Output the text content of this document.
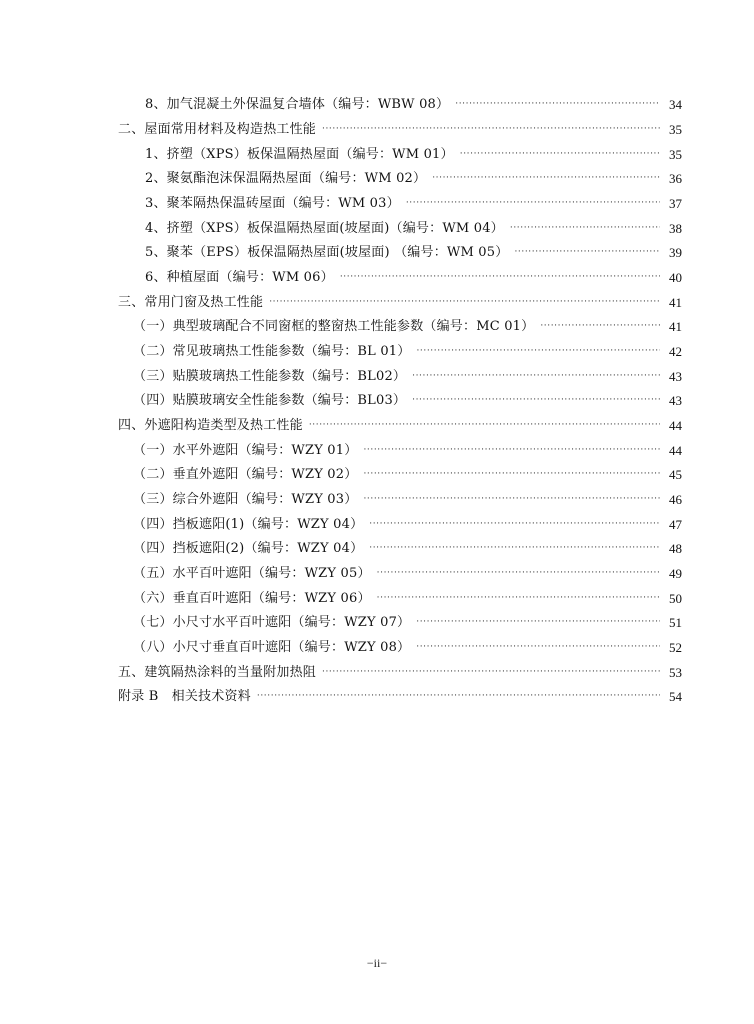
8、加气混凝土外保温复合墙体（编号：WBW 08） ·····	34
二、屋面常用材料及构造热工性能 ·····	35
1、挤塑（XPS）板保温隔热屋面（编号：WM 01） ·····	35
2、聚氨酯泡沫保温隔热屋面（编号：WM 02） ·····	36
3、聚苯隔热保温砖屋面（编号：WM 03） ·····	37
4、挤塑（XPS）板保温隔热屋面(坡屋面)（编号：WM 04） ·····	38
5、聚苯（EPS）板保温隔热屋面(坡屋面) （编号：WM 05） ·····	39
6、种植屋面（编号：WM 06） ·····	40
三、常用门窗及热工性能 ·····	41
（一）典型玻璃配合不同窗框的整窗热工性能参数（编号：MC 01） ·····	41
（二）常见玻璃热工性能参数（编号：BL 01） ·····	42
（三）贴膜玻璃热工性能参数（编号：BL02） ·····	43
（四）贴膜玻璃安全性能参数（编号：BL03） ·····	43
四、外遮阳构造类型及热工性能 ·····	44
（一）水平外遮阳（编号：WZY 01） ·····	44
（二）垂直外遮阳（编号：WZY 02） ·····	45
（三）综合外遮阳（编号：WZY 03） ·····	46
（四）挡板遮阳(1)（编号：WZY 04） ·····	47
（四）挡板遮阳(2)（编号：WZY 04） ·····	48
（五）水平百叶遮阳（编号：WZY 05） ·····	49
（六）垂直百叶遮阳（编号：WZY 06） ·····	50
（七）小尺寸水平百叶遮阳（编号：WZY 07） ·····	51
（八）小尺寸垂直百叶遮阳（编号：WZY 08） ·····	52
五、建筑隔热涂料的当量附加热阻 ·····	53
附录 B　相关技术资料 ·····	54
−ii−
